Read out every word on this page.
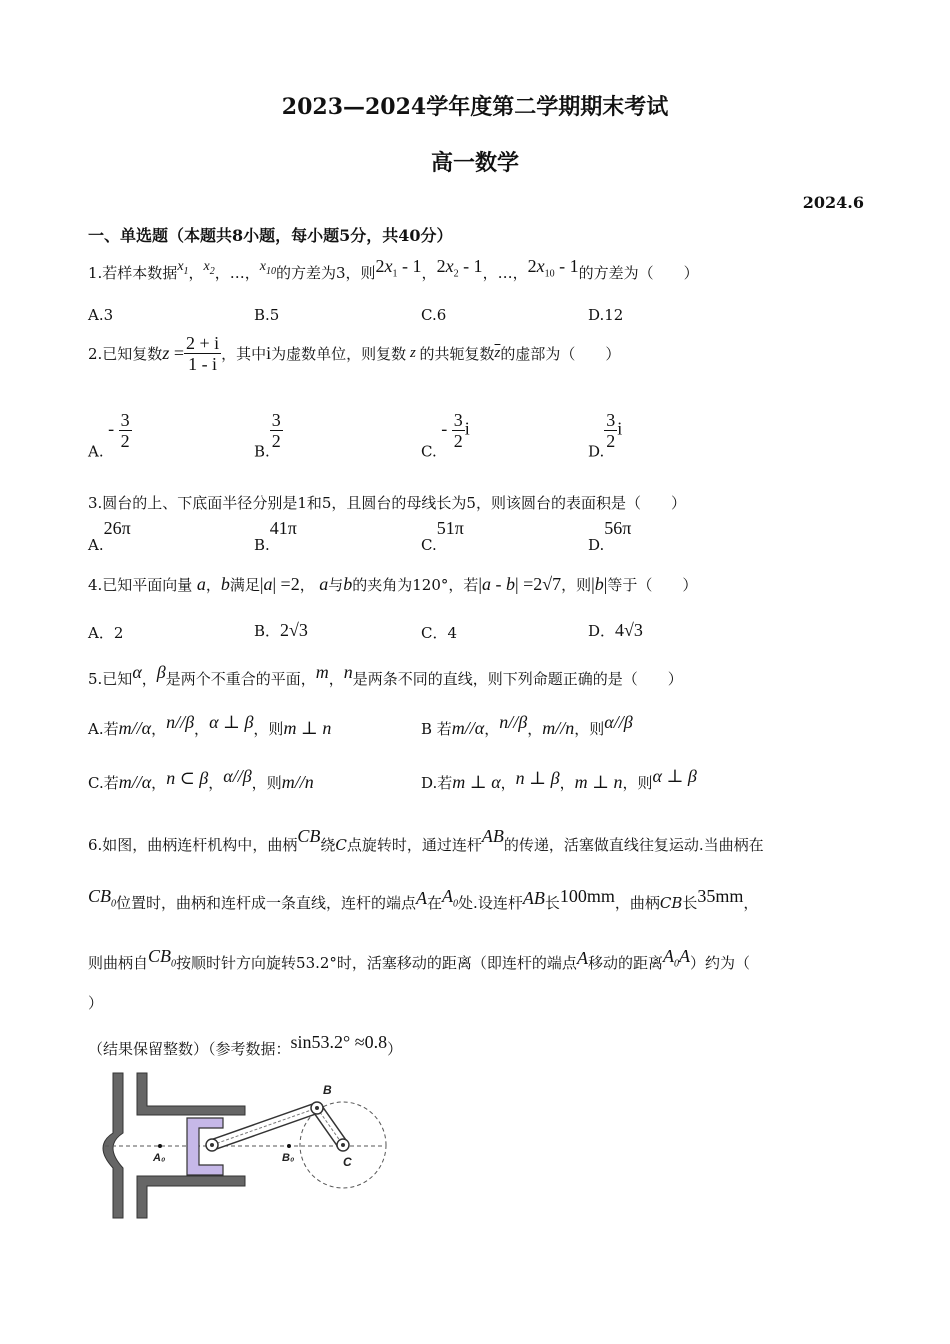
2023—2024学年度第二学期期末考试
高一数学
2024.6
一、单选题（本题共8小题，每小题5分，共40分）
1.若样本数据$x_1$，$x_2$，…，$x_{10}$的方差为3，则$2x_1 - 1$，$2x_2 - 1$，…，$2x_{10} - 1$的方差为（　　）
A.3	B.5	C.6	D.12
2.已知复数$z = \frac{2 + i}{1 - i}$ ，其中i为虚数单位，则复数 z 的共轭复数$\overline{z}$的虚部为（　　）
A. - $\frac{3}{2}$
B.
$\frac{3}{2}$
C. - $\frac{3}{2}$ i
D.
$\frac{3}{2}$ i
3.圆台的上、下底面半径分别是1和5，且圆台的母线长为5，则该圆台的表面积是（　　）
A.26π
B.41π
C.51π
D.56π
4.已知平面向量 a，b满足|a| =2， a与b的夹角为120°，若|a - b| =2√7，则|b|等于（　　）
A．2	B．2√3	C．4	D．4√3
5.已知α，β是两个不重合的平面，m，n是两条不同的直线，则下列命题正确的是（　　）
A.若m//α，n//β，α ⊥ β，则m ⊥ n	B 若m//α，n//β，m//n，则α//β
C.若m//α，n ⊂ β，α//β，则m//n	D.若m ⊥ α，n ⊥ β，m ⊥ n，则α ⊥ β
6.如图，曲柄连杆机构中，曲柄CB绕C点旋转时，通过连杆AB的传递，活塞做直线往复运动.当曲柄在
$CB_0$位置时，曲柄和连杆成一条直线，连杆的端点A在$A_0$处.设连杆AB长100mm，曲柄CB长35mm，
则曲柄自$CB_0$按顺时针方向旋转53.2°时，活塞移动的距离（即连杆的端点A移动的距离$A_0A$）约为（
）
（结果保留整数）（参考数据：sin53.2° ≈0.8）
B
C
A₀	B₀
